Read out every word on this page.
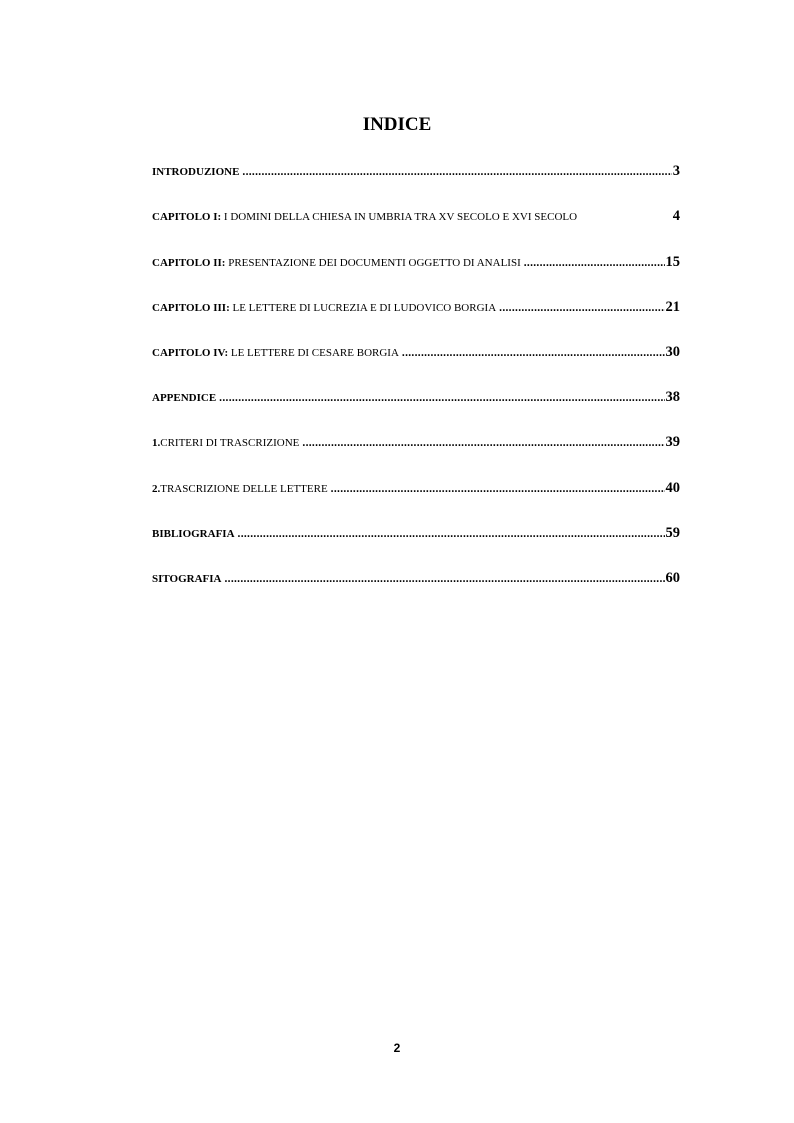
INDICE
INTRODUZIONE .....	3
CAPITOLO I: I DOMINI DELLA CHIESA IN UMBRIA TRA XV SECOLO E XVI SECOLO	4
CAPITOLO II: PRESENTAZIONE DEI DOCUMENTI OGGETTO DI ANALISI .....	15
CAPITOLO III: LE LETTERE DI LUCREZIA E DI LUDOVICO BORGIA .....	21
CAPITOLO IV: LE LETTERE DI CESARE BORGIA .....	30
APPENDICE .....	38
1.CRITERI DI TRASCRIZIONE .....	39
2.TRASCRIZIONE DELLE LETTERE .....	40
BIBLIOGRAFIA .....	59
SITOGRAFIA .....	60
2
